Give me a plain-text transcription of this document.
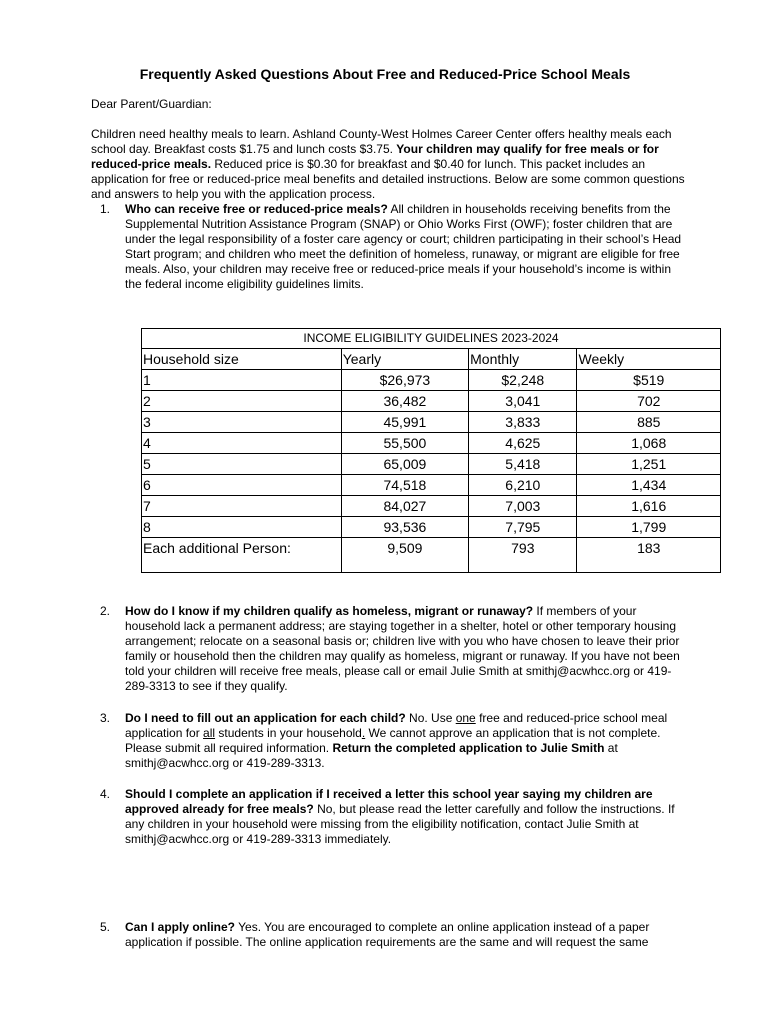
Frequently Asked Questions About Free and Reduced-Price School Meals
Dear Parent/Guardian:
Children need healthy meals to learn. Ashland County-West Holmes Career Center offers healthy meals each school day. Breakfast costs $1.75 and lunch costs $3.75. Your children may qualify for free meals or for reduced-price meals. Reduced price is $0.30 for breakfast and $0.40 for lunch. This packet includes an application for free or reduced-price meal benefits and detailed instructions. Below are some common questions and answers to help you with the application process.
1. Who can receive free or reduced-price meals? All children in households receiving benefits from the Supplemental Nutrition Assistance Program (SNAP) or Ohio Works First (OWF); foster children that are under the legal responsibility of a foster care agency or court; children participating in their school’s Head Start program; and children who meet the definition of homeless, runaway, or migrant are eligible for free meals. Also, your children may receive free or reduced-price meals if your household’s income is within the federal income eligibility guidelines limits.
INCOME ELIGIBILITY GUIDELINES 2023-2024			
Household size	Yearly	Monthly	Weekly
1	$26,973	$2,248	$519
2	36,482	3,041	702
3	45,991	3,833	885
4	55,500	4,625	1,068
5	65,009	5,418	1,251
6	74,518	6,210	1,434
7	84,027	7,003	1,616
8	93,536	7,795	1,799
Each additional Person:	9,509	793	183
2. How do I know if my children qualify as homeless, migrant or runaway? If members of your household lack a permanent address; are staying together in a shelter, hotel or other temporary housing arrangement; relocate on a seasonal basis or; children live with you who have chosen to leave their prior family or household then the children may qualify as homeless, migrant or runaway. If you have not been told your children will receive free meals, please call or email Julie Smith at smithj@acwhcc.org or 419-289-3313 to see if they qualify.
3. Do I need to fill out an application for each child? No. Use one free and reduced-price school meal application for all students in your household. We cannot approve an application that is not complete. Please submit all required information. Return the completed application to Julie Smith at smithj@acwhcc.org or 419-289-3313.
4. Should I complete an application if I received a letter this school year saying my children are approved already for free meals? No, but please read the letter carefully and follow the instructions. If any children in your household were missing from the eligibility notification, contact Julie Smith at smithj@acwhcc.org or 419-289-3313 immediately.
5. Can I apply online? Yes. You are encouraged to complete an online application instead of a paper application if possible. The online application requirements are the same and will request the same
